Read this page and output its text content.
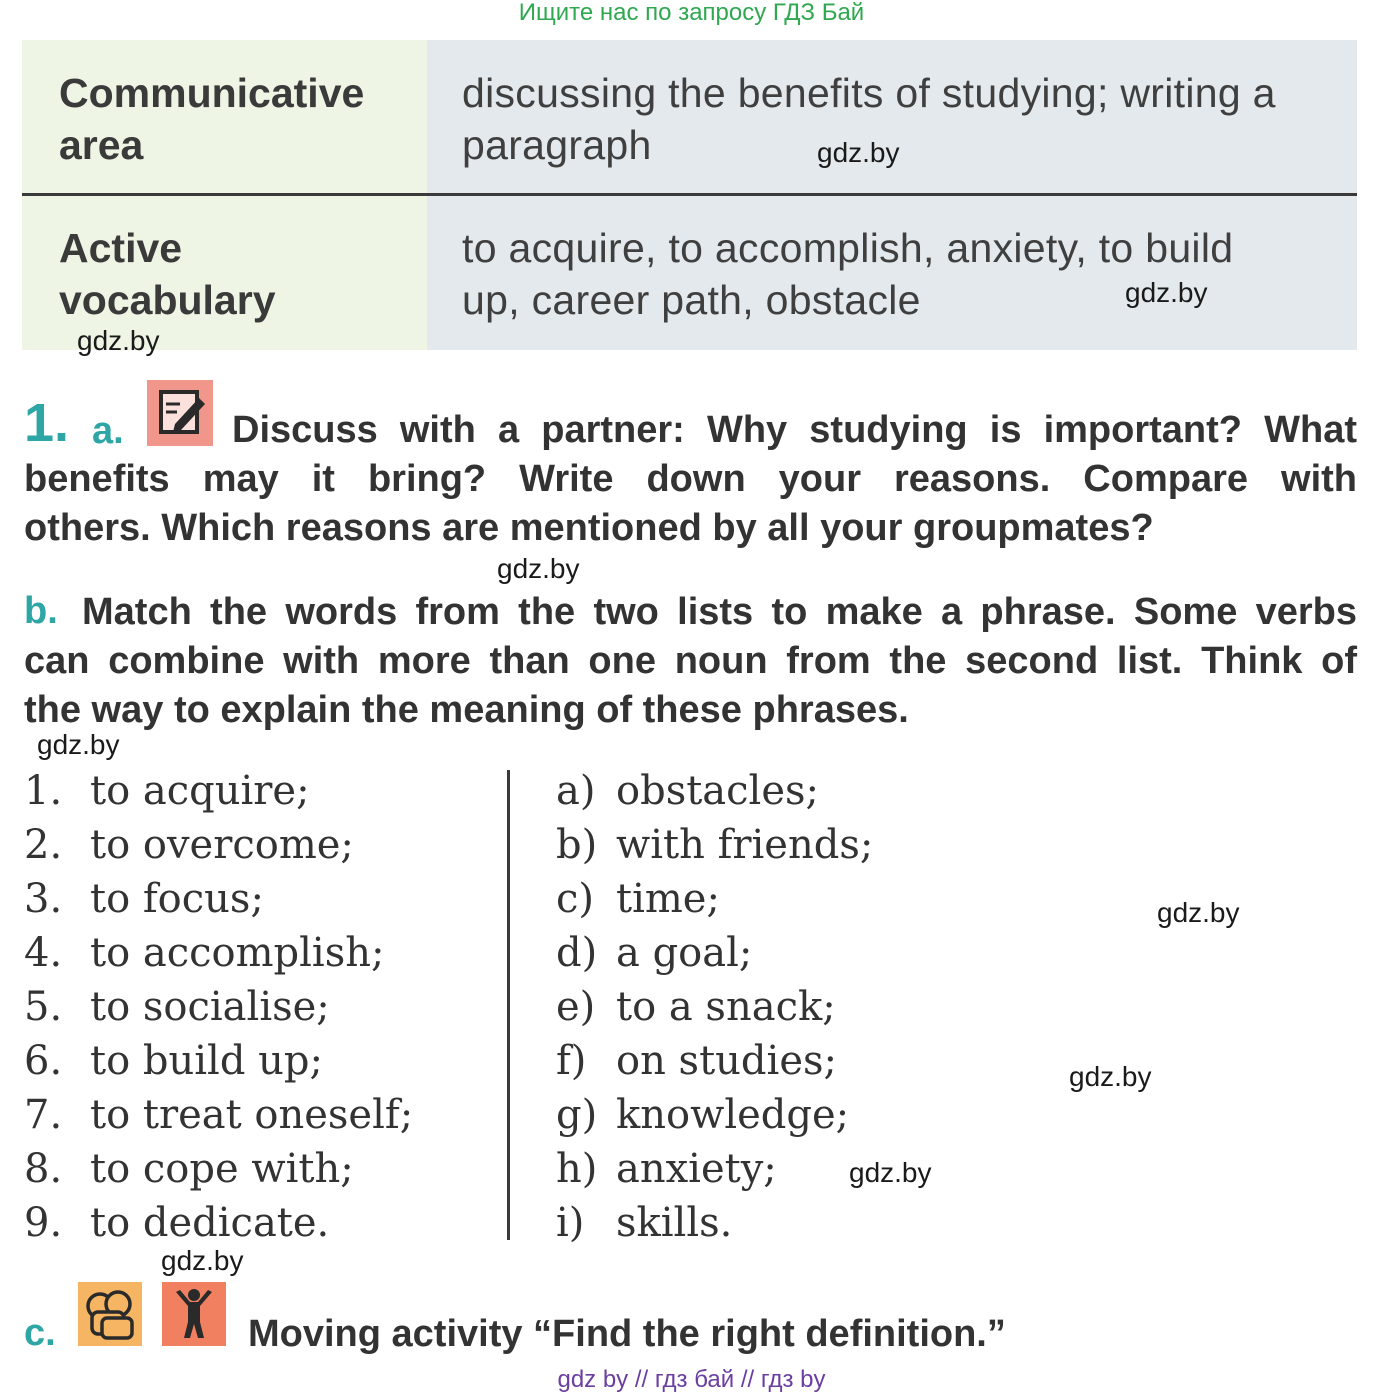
Ищите нас по запросу ГДЗ Бай
Communicative
area
discussing the benefits of studying; writing a
paragraph
Active
vocabulary
to acquire, to accomplish, anxiety, to build
up, career path, obstacle
gdz.by
gdz.by
gdz.by
gdz.by
gdz.by
gdz.by
gdz.by
gdz.by
gdz.by
1. a.	Discuss with a partner: Why studying is important? What
benefits may it bring? Write down your reasons. Compare with
others. Which reasons are mentioned by all your groupmates?
b. Match the words from the two lists to make a phrase. Some verbs
can combine with more than one noun from the second list. Think of
the way to explain the meaning of these phrases.
1. to acquire;
2. to overcome;
3. to focus;
4. to accomplish;
5. to socialise;
6. to build up;
7. to treat oneself;
8. to cope with;
9. to dedicate.
a) obstacles;
b) with friends;
c) time;
d) a goal;
e) to a snack;
f) on studies;
g) knowledge;
h) anxiety;
i) skills.
c.	Moving activity “Find the right definition.”
gdz by // гдз бай // гдз by
